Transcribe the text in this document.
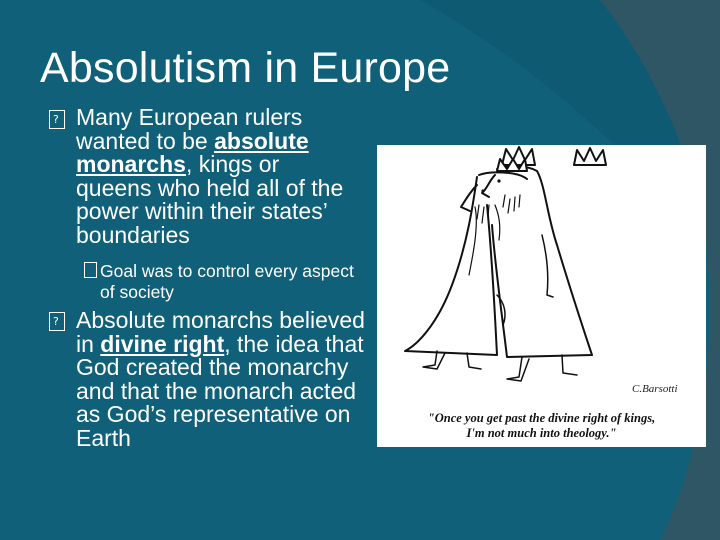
Absolutism in Europe
? Many European rulers wanted to be absolute monarchs, kings or queens who held all of the power within their states’ boundaries
Goal was to control every aspect of society
? Absolute monarchs believed in divine right, the idea that God created the monarchy and that the monarch acted as God’s representative on Earth
C.Barsotti
"Once you get past the divine right of kings,
I'm not much into theology."
